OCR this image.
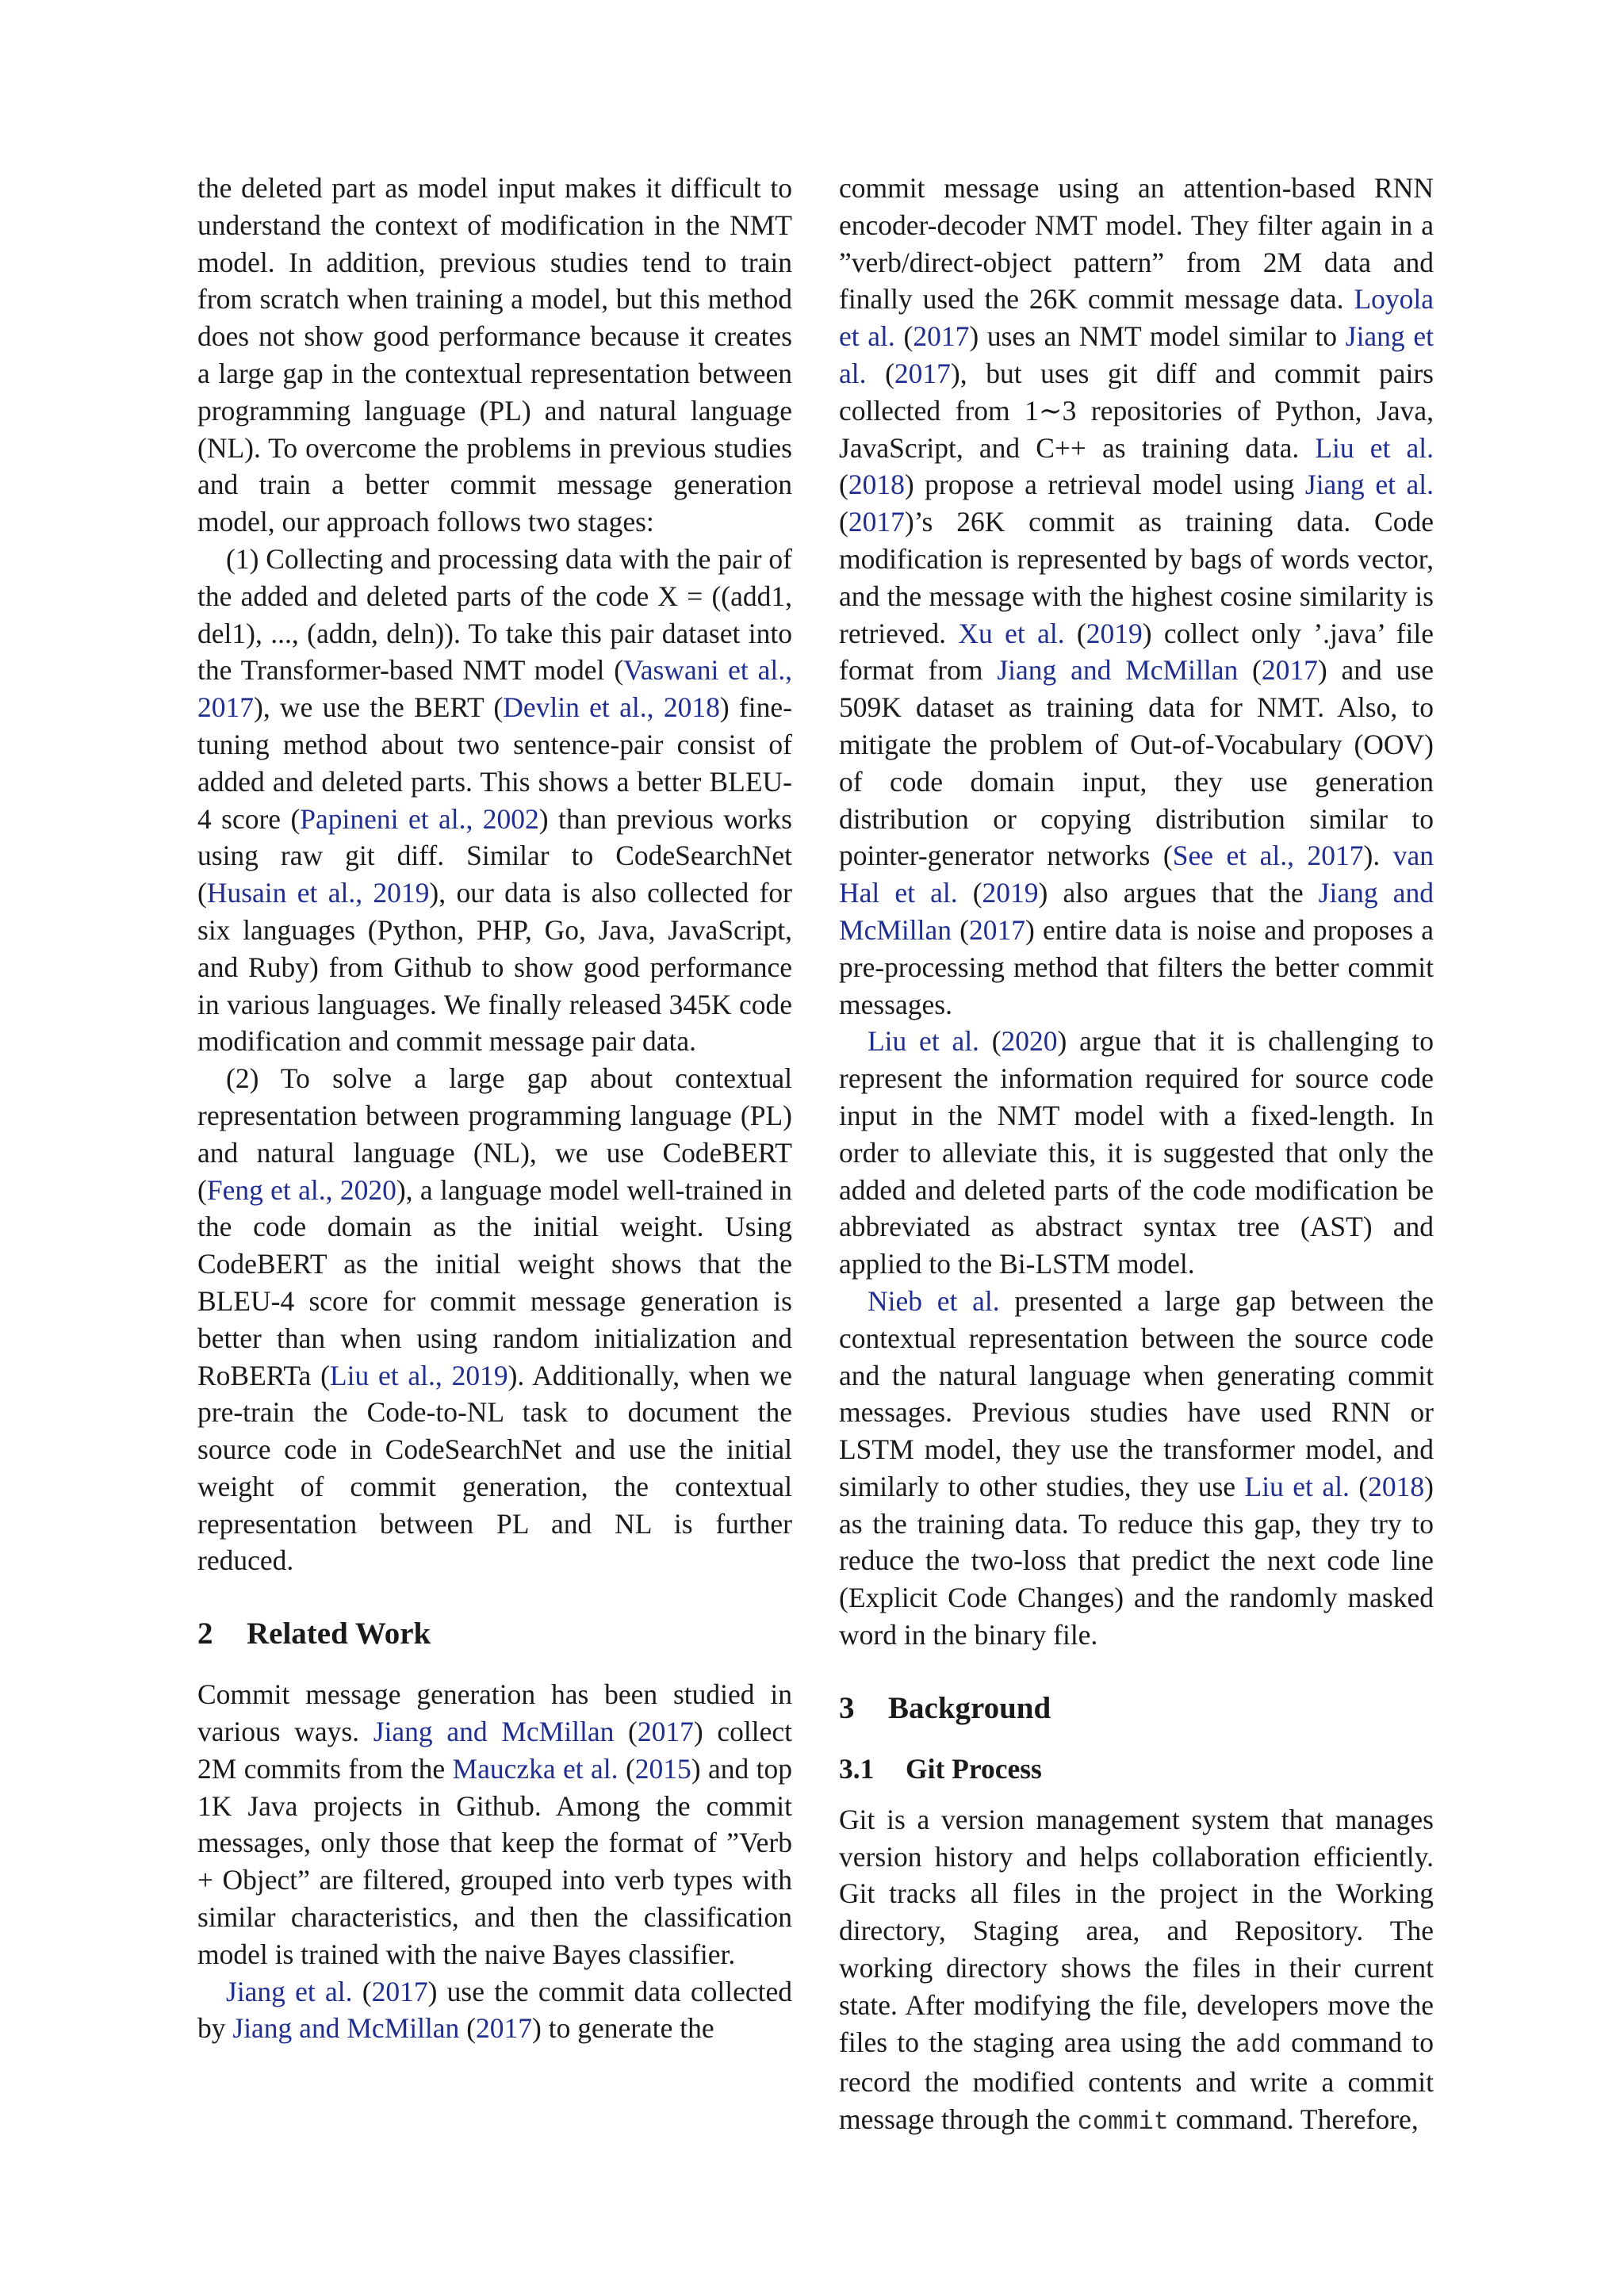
the deleted part as model input makes it difficult to understand the context of modification in the NMT model. In addition, previous studies tend to train from scratch when training a model, but this method does not show good performance because it creates a large gap in the contextual representation between programming language (PL) and natural language (NL). To overcome the problems in previous studies and train a better commit message generation model, our approach follows two stages:

(1) Collecting and processing data with the pair of the added and deleted parts of the code X = ((add1, del1), ..., (addn, deln)). To take this pair dataset into the Transformer-based NMT model (Vaswani et al., 2017), we use the BERT (Devlin et al., 2018) fine-tuning method about two sentence-pair consist of added and deleted parts. This shows a better BLEU-4 score (Papineni et al., 2002) than previous works using raw git diff. Similar to CodeSearchNet (Husain et al., 2019), our data is also collected for six languages (Python, PHP, Go, Java, JavaScript, and Ruby) from Github to show good performance in various languages. We finally released 345K code modification and commit message pair data.

(2) To solve a large gap about contextual representation between programming language (PL) and natural language (NL), we use CodeBERT (Feng et al., 2020), a language model well-trained in the code domain as the initial weight. Using CodeBERT as the initial weight shows that the BLEU-4 score for commit message generation is better than when using random initialization and RoBERTa (Liu et al., 2019). Additionally, when we pre-train the Code-to-NL task to document the source code in CodeSearchNet and use the initial weight of commit generation, the contextual representation between PL and NL is further reduced.

2 Related Work

Commit message generation has been studied in various ways. Jiang and McMillan (2017) collect 2M commits from the Mauczka et al. (2015) and top 1K Java projects in Github. Among the commit messages, only those that keep the format of ”Verb + Object” are filtered, grouped into verb types with similar characteristics, and then the classification model is trained with the naive Bayes classifier.

Jiang et al. (2017) use the commit data collected by Jiang and McMillan (2017) to generate the

commit message using an attention-based RNN encoder-decoder NMT model. They filter again in a ”verb/direct-object pattern” from 2M data and finally used the 26K commit message data. Loyola et al. (2017) uses an NMT model similar to Jiang et al. (2017), but uses git diff and commit pairs collected from 1∼3 repositories of Python, Java, JavaScript, and C++ as training data. Liu et al. (2018) propose a retrieval model using Jiang et al. (2017)’s 26K commit as training data. Code modification is represented by bags of words vector, and the message with the highest cosine similarity is retrieved. Xu et al. (2019) collect only ’.java’ file format from Jiang and McMillan (2017) and use 509K dataset as training data for NMT. Also, to mitigate the problem of Out-of-Vocabulary (OOV) of code domain input, they use generation distribution or copying distribution similar to pointer-generator networks (See et al., 2017). van Hal et al. (2019) also argues that the Jiang and McMillan (2017) entire data is noise and proposes a pre-processing method that filters the better commit messages.

Liu et al. (2020) argue that it is challenging to represent the information required for source code input in the NMT model with a fixed-length. In order to alleviate this, it is suggested that only the added and deleted parts of the code modification be abbreviated as abstract syntax tree (AST) and applied to the Bi-LSTM model.

Nieb et al. presented a large gap between the contextual representation between the source code and the natural language when generating commit messages. Previous studies have used RNN or LSTM model, they use the transformer model, and similarly to other studies, they use Liu et al. (2018) as the training data. To reduce this gap, they try to reduce the two-loss that predict the next code line (Explicit Code Changes) and the randomly masked word in the binary file.

3 Background
3.1 Git Process

Git is a version management system that manages version history and helps collaboration efficiently. Git tracks all files in the project in the Working directory, Staging area, and Repository. The working directory shows the files in their current state. After modifying the file, developers move the files to the staging area using the add command to record the modified contents and write a commit message through the commit command. Therefore,
